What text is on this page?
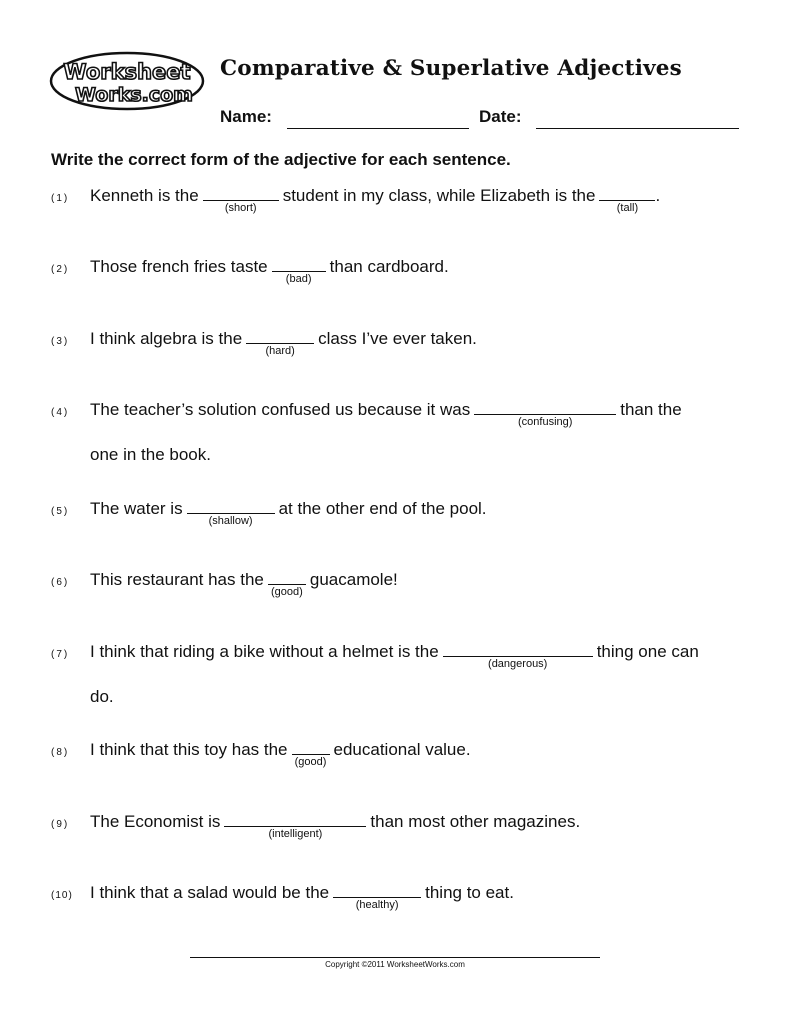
Worksheet
Works.com
Comparative & Superlative Adjectives
Name:	Date:
Write the correct form of the adjective for each sentence.
(1) Kenneth is the
(short)
student in my class, while Elizabeth is the
(tall)
.
(2) Those french fries taste
(bad)
than cardboard.
(3) I think algebra is the
(hard)
class I’ve ever taken.
(4) The teacher’s solution confused us because it was
(confusing)
than the
one in the book.
(5) The water is
(shallow)
at the other end of the pool.
(6) This restaurant has the
(good)
guacamole!
(7) I think that riding a bike without a helmet is the
(dangerous)
thing one can
do.
(8) I think that this toy has the
(good)
educational value.
(9) The Economist is
(intelligent)
than most other magazines.
(10) I think that a salad would be the
(healthy)
thing to eat.
Copyright ©2011 WorksheetWorks.com
